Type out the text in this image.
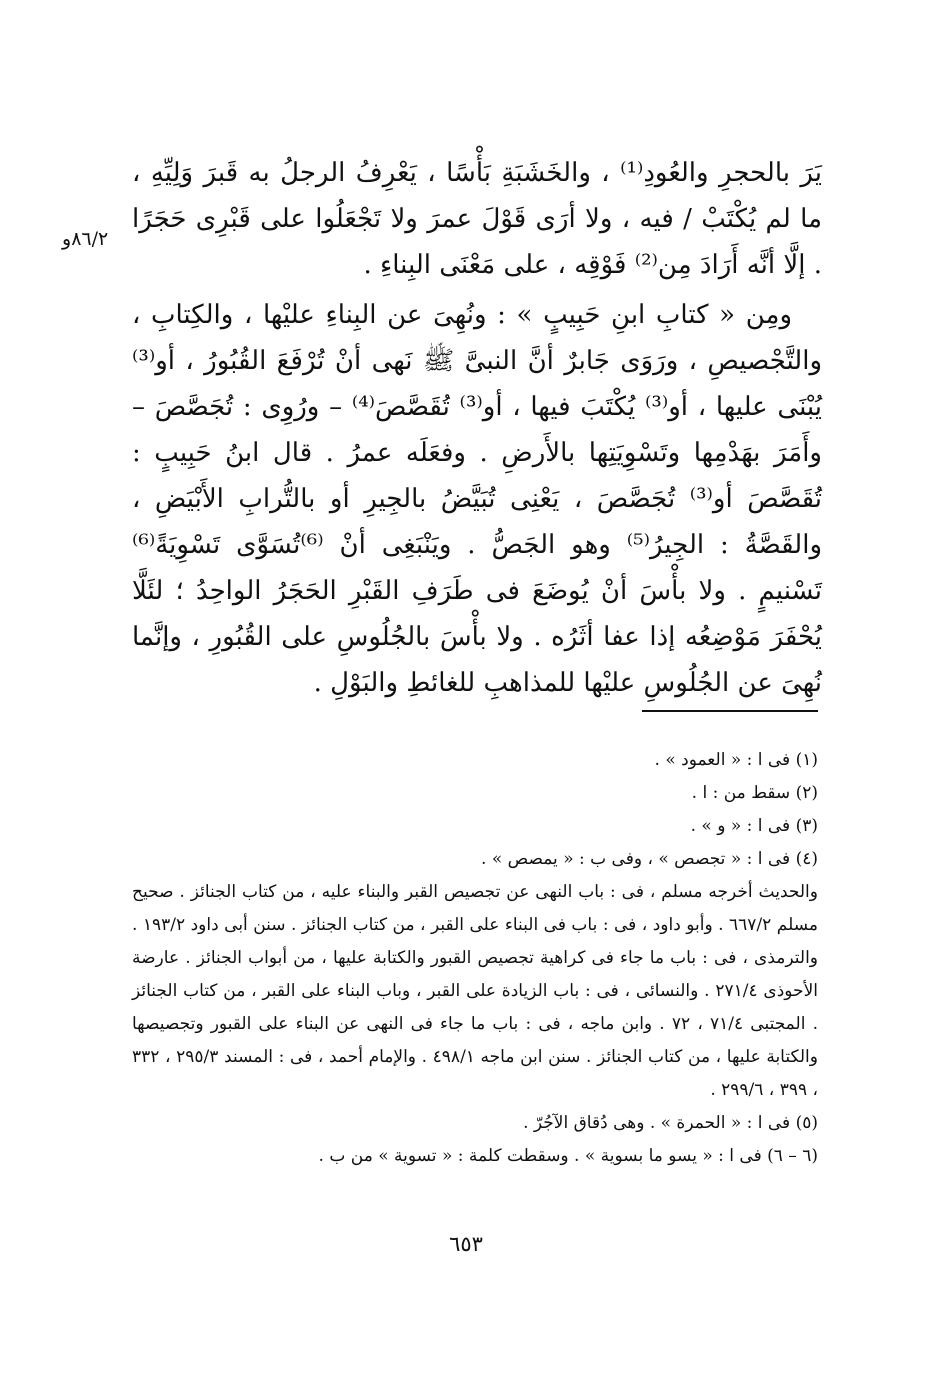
٨٦/٢و

يَرَ بالحجرِ والعُودِ⁽¹⁾ ، والخَشَبَةِ بَأْسًا ، يَعْرِفُ الرجلُ به قَبرَ وَلِيِّهِ ، ما لم يُكْتَبْ / فيه ، ولا أرَى قَوْلَ عمرَ ولا تَجْعَلُوا على قَبْرِى حَجَرًا . إلَّا أنَّه أَرَادَ مِن⁽²⁾ فَوْقِه ، على مَعْنَى البِناءِ .

ومِن « كتابِ ابنِ حَبِيبٍ » : ونُهِىَ عن البِناءِ عليْها ، والكِتابِ ، والتَّجْصيصِ ، ورَوَى جَابرٌ أنَّ النبىَّ ﷺ نَهى أنْ تُرْفَعَ القُبُورُ ، أو⁽³⁾ يُبْنَى عليها ، أو⁽³⁾ يُكْتَبَ فيها ، أو⁽³⁾ تُقَصَّصَ⁽⁴⁾ – ورُوِى : تُجَصَّصَ – وأَمَرَ بهَدْمِها وتَسْوِيَتِها بالأَرضِ . وفعَلَه عمرُ . قال ابنُ حَبِيبٍ : تُقَصَّصَ أو⁽³⁾ تُجَصَّصَ ، يَعْنِى تُبَيَّضُ بالجِيرِ أو بالتُّرابِ الأَبْيَضِ ، والقَصَّةُ : الجِيرُ⁽⁵⁾ وهو الجَصُّ . ويَنْبَغِى أنْ ⁽⁶⁾تُسَوَّى تَسْوِيَةً⁽⁶⁾ تَسْنيمٍ . ولا بأْسَ أنْ يُوضَعَ فى طَرَفِ القَبْرِ الحَجَرُ الواحِدُ ؛ لئَلَّا يُحْفَرَ مَوْضِعُه إذا عفا أثَرُه . ولا بأْسَ بالجُلُوسِ على القُبُورِ ، وإنَّما نُهِىَ عن الجُلُوسِ عليْها للمذاهبِ للغائطِ والبَوْلِ .

(١) فى ا : « العمود » .

(٢) سقط من : ا .

(٣) فى ا : « و » .

(٤) فى ا : « تجصص » ، وفى ب : « يمصص » .

والحديث أخرجه مسلم ، فى : باب النهى عن تجصيص القبر والبناء عليه ، من كتاب الجنائز . صحيح مسلم ٦٦٧/٢ . وأبو داود ، فى : باب فى البناء على القبر ، من كتاب الجنائز . سنن أبى داود ١٩٣/٢ . والترمذى ، فى : باب ما جاء فى كراهية تجصيص القبور والكتابة عليها ، من أبواب الجنائز . عارضة الأحوذى ٢٧١/٤ . والنسائى ، فى : باب الزيادة على القبر ، وباب البناء على القبر ، من كتاب الجنائز . المجتبى ٧١/٤ ، ٧٢ . وابن ماجه ، فى : باب ما جاء فى النهى عن البناء على القبور وتجصيصها والكتابة عليها ، من كتاب الجنائز . سنن ابن ماجه ٤٩٨/١ . والإمام أحمد ، فى : المسند ٢٩٥/٣ ، ٣٣٢ ، ٣٩٩ ، ٢٩٩/٦ .

(٥) فى ا : « الحمرة » . وهى دُقاق الآجُرّ .

(٦ – ٦) فى ا : « يسو ما بسوية » . وسقطت كلمة : « تسوية » من ب .

٦٥٣
